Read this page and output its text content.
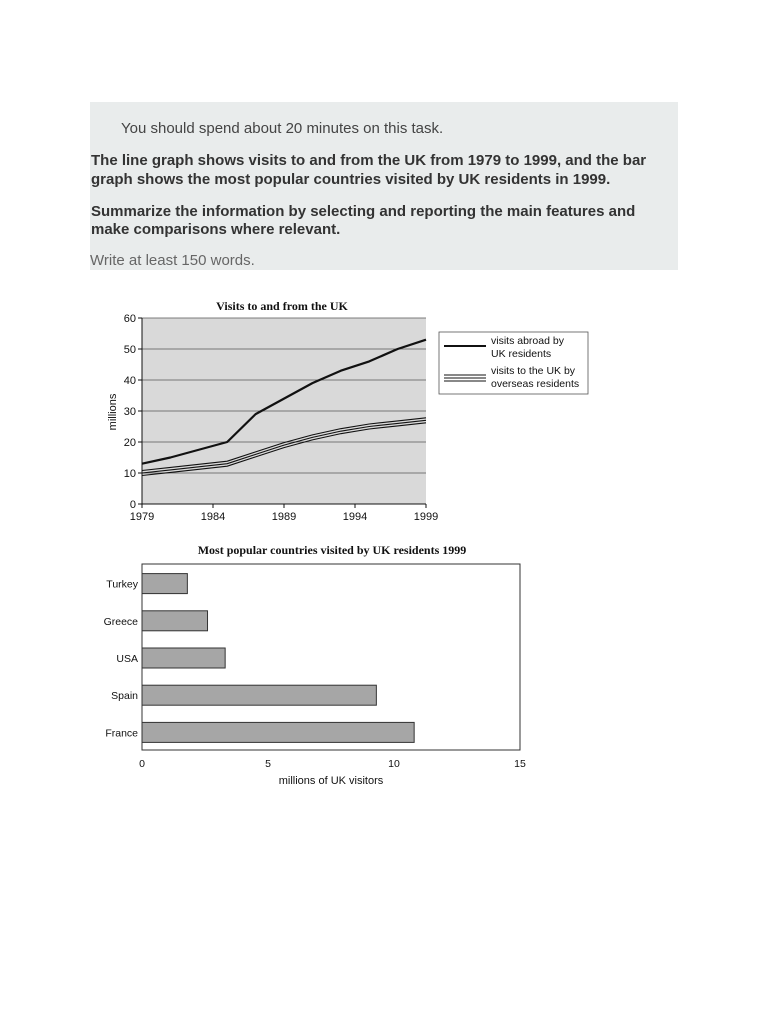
You should spend about 20 minutes on this task.
The line graph shows visits to and from the UK from 1979 to 1999, and the bar graph shows the most popular countries visited by UK residents in 1999.
Summarize the information by selecting and reporting the main features and make comparisons where relevant.
Write at least 150 words.
Visits to and from the UK
0
10
20
30
40
50
60
1979	1984	1989	1994	1999
millions
visits abroad by
UK residents
visits to the UK by
overseas residents
Most popular countries visited by UK residents 1999
Turkey
Greece
USA
Spain
France
0	5	10	15
millions of UK visitors
